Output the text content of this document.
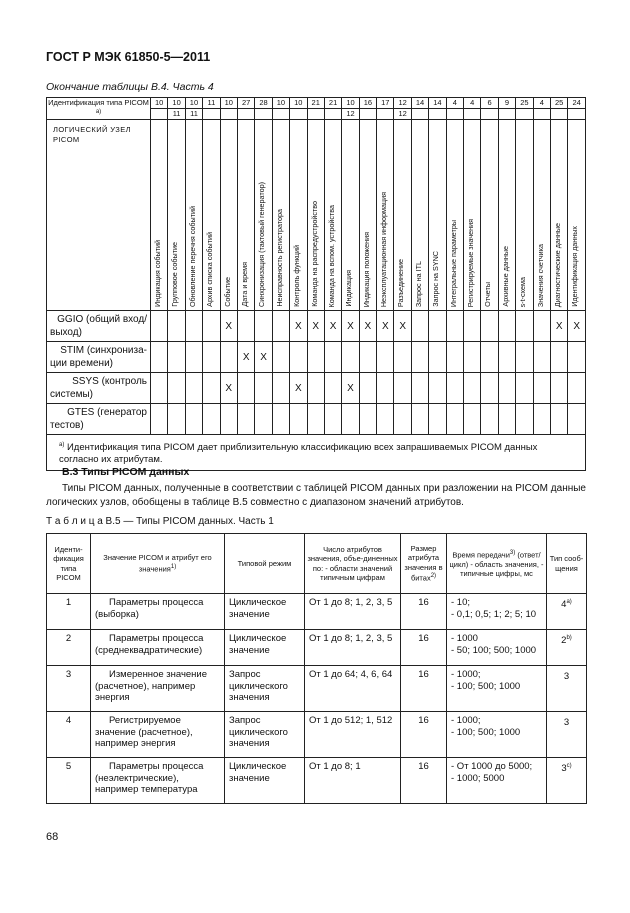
ГОСТ Р МЭК 61850-5—2011
Окончание таблицы В.4. Часть 4
Идентификация типа PICOM $^{а)}$	10	10	10	11	10	27	28	10	10	21	21	10	16	17	12	14	14	4	4	6	9	25	4	25	24
		11	11									12			12										
ЛОГИЧЕСКИЙ УЗЕЛ PICOM	Индикация событий	Групповое событие	Обновление перечня событий	Архив списка событий	Событие	Дата и время	Синхронизация (тактовый генератор)	Неисправность регистратора	Контроль функций	Команда на распредустройство	Команда на вспом. устройства	Индикация	Индикация положения	Неэксплуатационная информация	Разъединение	Запрос на ITL	Запрос на SYNC	Интегральные параметры	Регистрируемые значения	Отчеты	Архивные данные	s-t-схема	Значения счетчика	Диагностические данные	Идентификация данных

GGIO (общий вход/
выход)					X				X	X	X	X	X	X	X									X	X

STIM (синхрониза-
ции времени)						X	X																		

SSYS (контроль
системы)					X				X			X													

GTES (генератор
тестов)																									

$^{а)}$ Идентификация типа PICOM дает приблизительную классификацию всех запрашиваемых PICOM данных согласно их атрибутам.																									
В.3 Типы PICOM данных
Типы PICOM данных, полученные в соответствии с таблицей PICOM данных при разложении на PICOM данные логических узлов, обобщены в таблице В.5 совместно с диапазоном значений атрибутов.
Т а б л и ц а В.5 — Типы PICOM данных. Часть 1
Иденти-фикация типа PICOM	Значение PICOM и атрибут его значения$^{1)}$	Типовой режим	Число атрибутов значения, объе-диненных по: - области значений типичным цифрам	Размер атрибута значения в битах$^{2)}$	Время передачи$^{3)}$ (ответ/цикл) - область значения, - типичные цифры, мс	Тип сооб-щения
1	Параметры процесса (выборка)	Циклическое значение	От 1 до 8; 1, 2, 3, 5	16	- 10;
- 0,1; 0,5; 1; 2; 5; 10	$4^{а)}$
2	Параметры процесса (среднеквадратические)	Циклическое значение	От 1 до 8; 1, 2, 3, 5	16	- 1000
- 50; 100; 500; 1000	2$^{b)}$
3	Измеренное значение (расчетное), например энергия	Запрос циклического значения	От 1 до 64; 4, 6, 64	16	- 1000;
- 100; 500; 1000	3
4	Регистрируемое значение (расчетное), например энергия	Запрос циклического значения	От 1 до 512; 1, 512	16	- 1000;
- 100; 500; 1000	3
5	Параметры процесса (неэлектрические), например температура	Циклическое значение	От 1 до 8; 1	16	- От 1000 до 5000;
- 1000; 5000	3$^{c)}$
68
